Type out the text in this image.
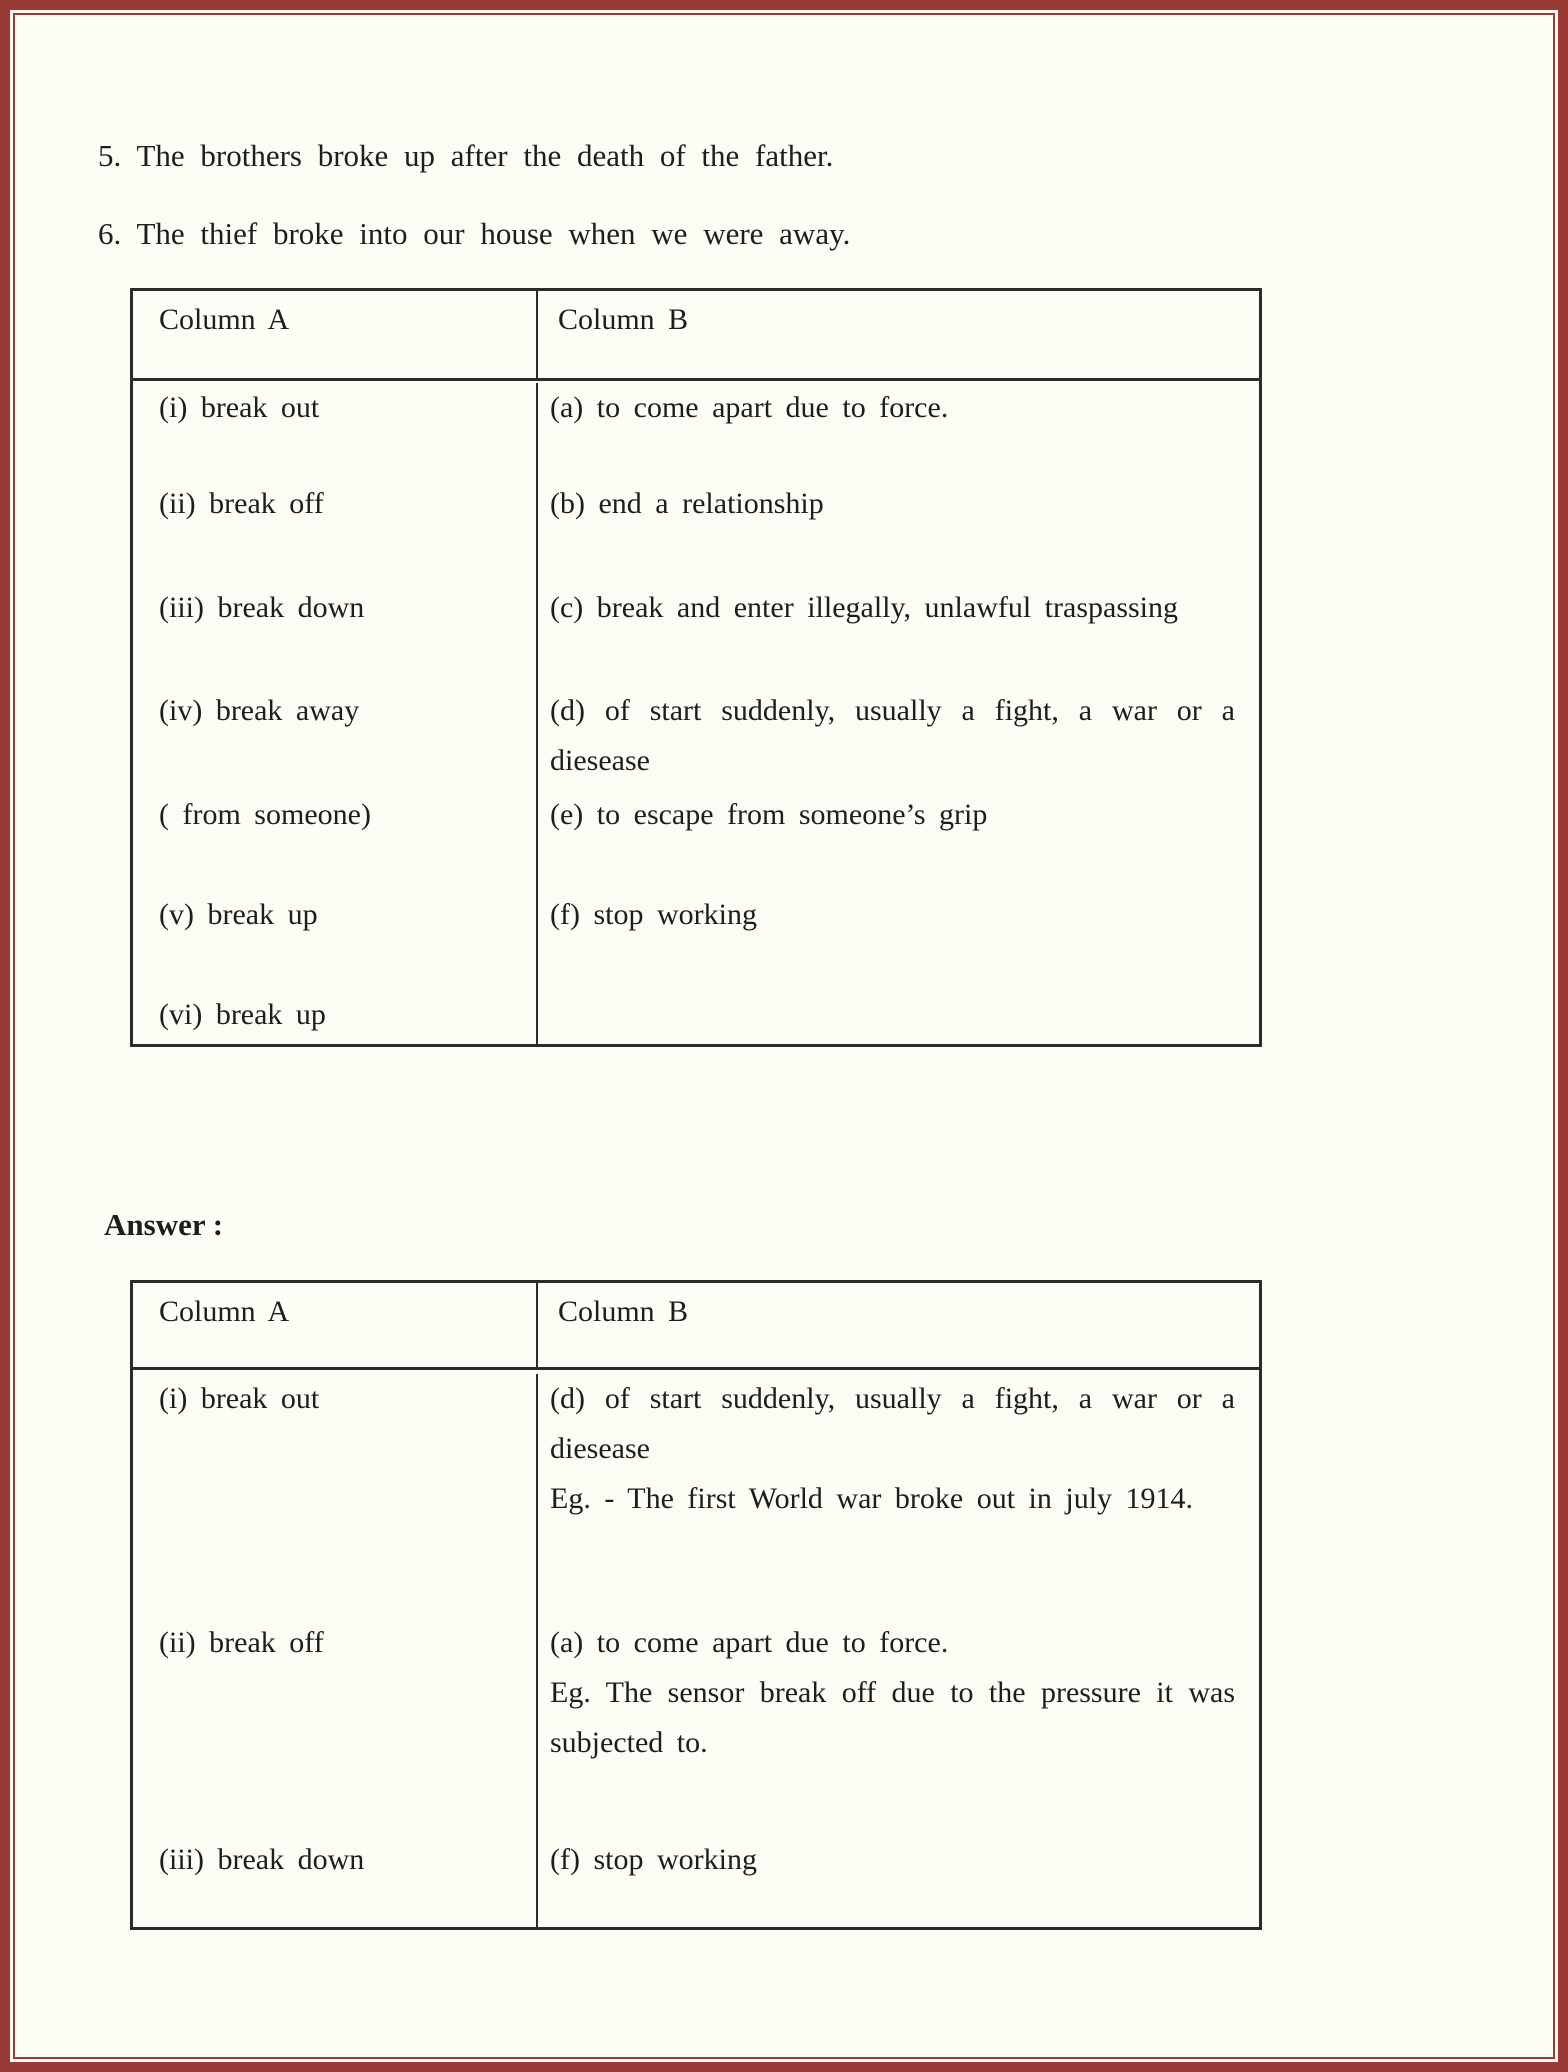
5. The brothers broke up after the death of the father.

6. The thief broke into our house when we were away.

Column A	Column B
(i) break out	(a) to come apart due to force.
(ii) break off	(b) end a relationship
(iii) break down	(c) break and enter illegally, unlawful traspassing
(iv) break away	(d) of start suddenly, usually a fight, a war or a diesease
( from someone)	(e) to escape from someone’s grip
(v) break up	(f) stop working
(vi) break up

Answer :

Column A	Column B
(i) break out	(d) of start suddenly, usually a fight, a war or a diesease
Eg. - The first World war broke out in july 1914.
(ii) break off	(a) to come apart due to force.
Eg. The sensor break off due to the pressure it was subjected to.
(iii) break down	(f) stop working
